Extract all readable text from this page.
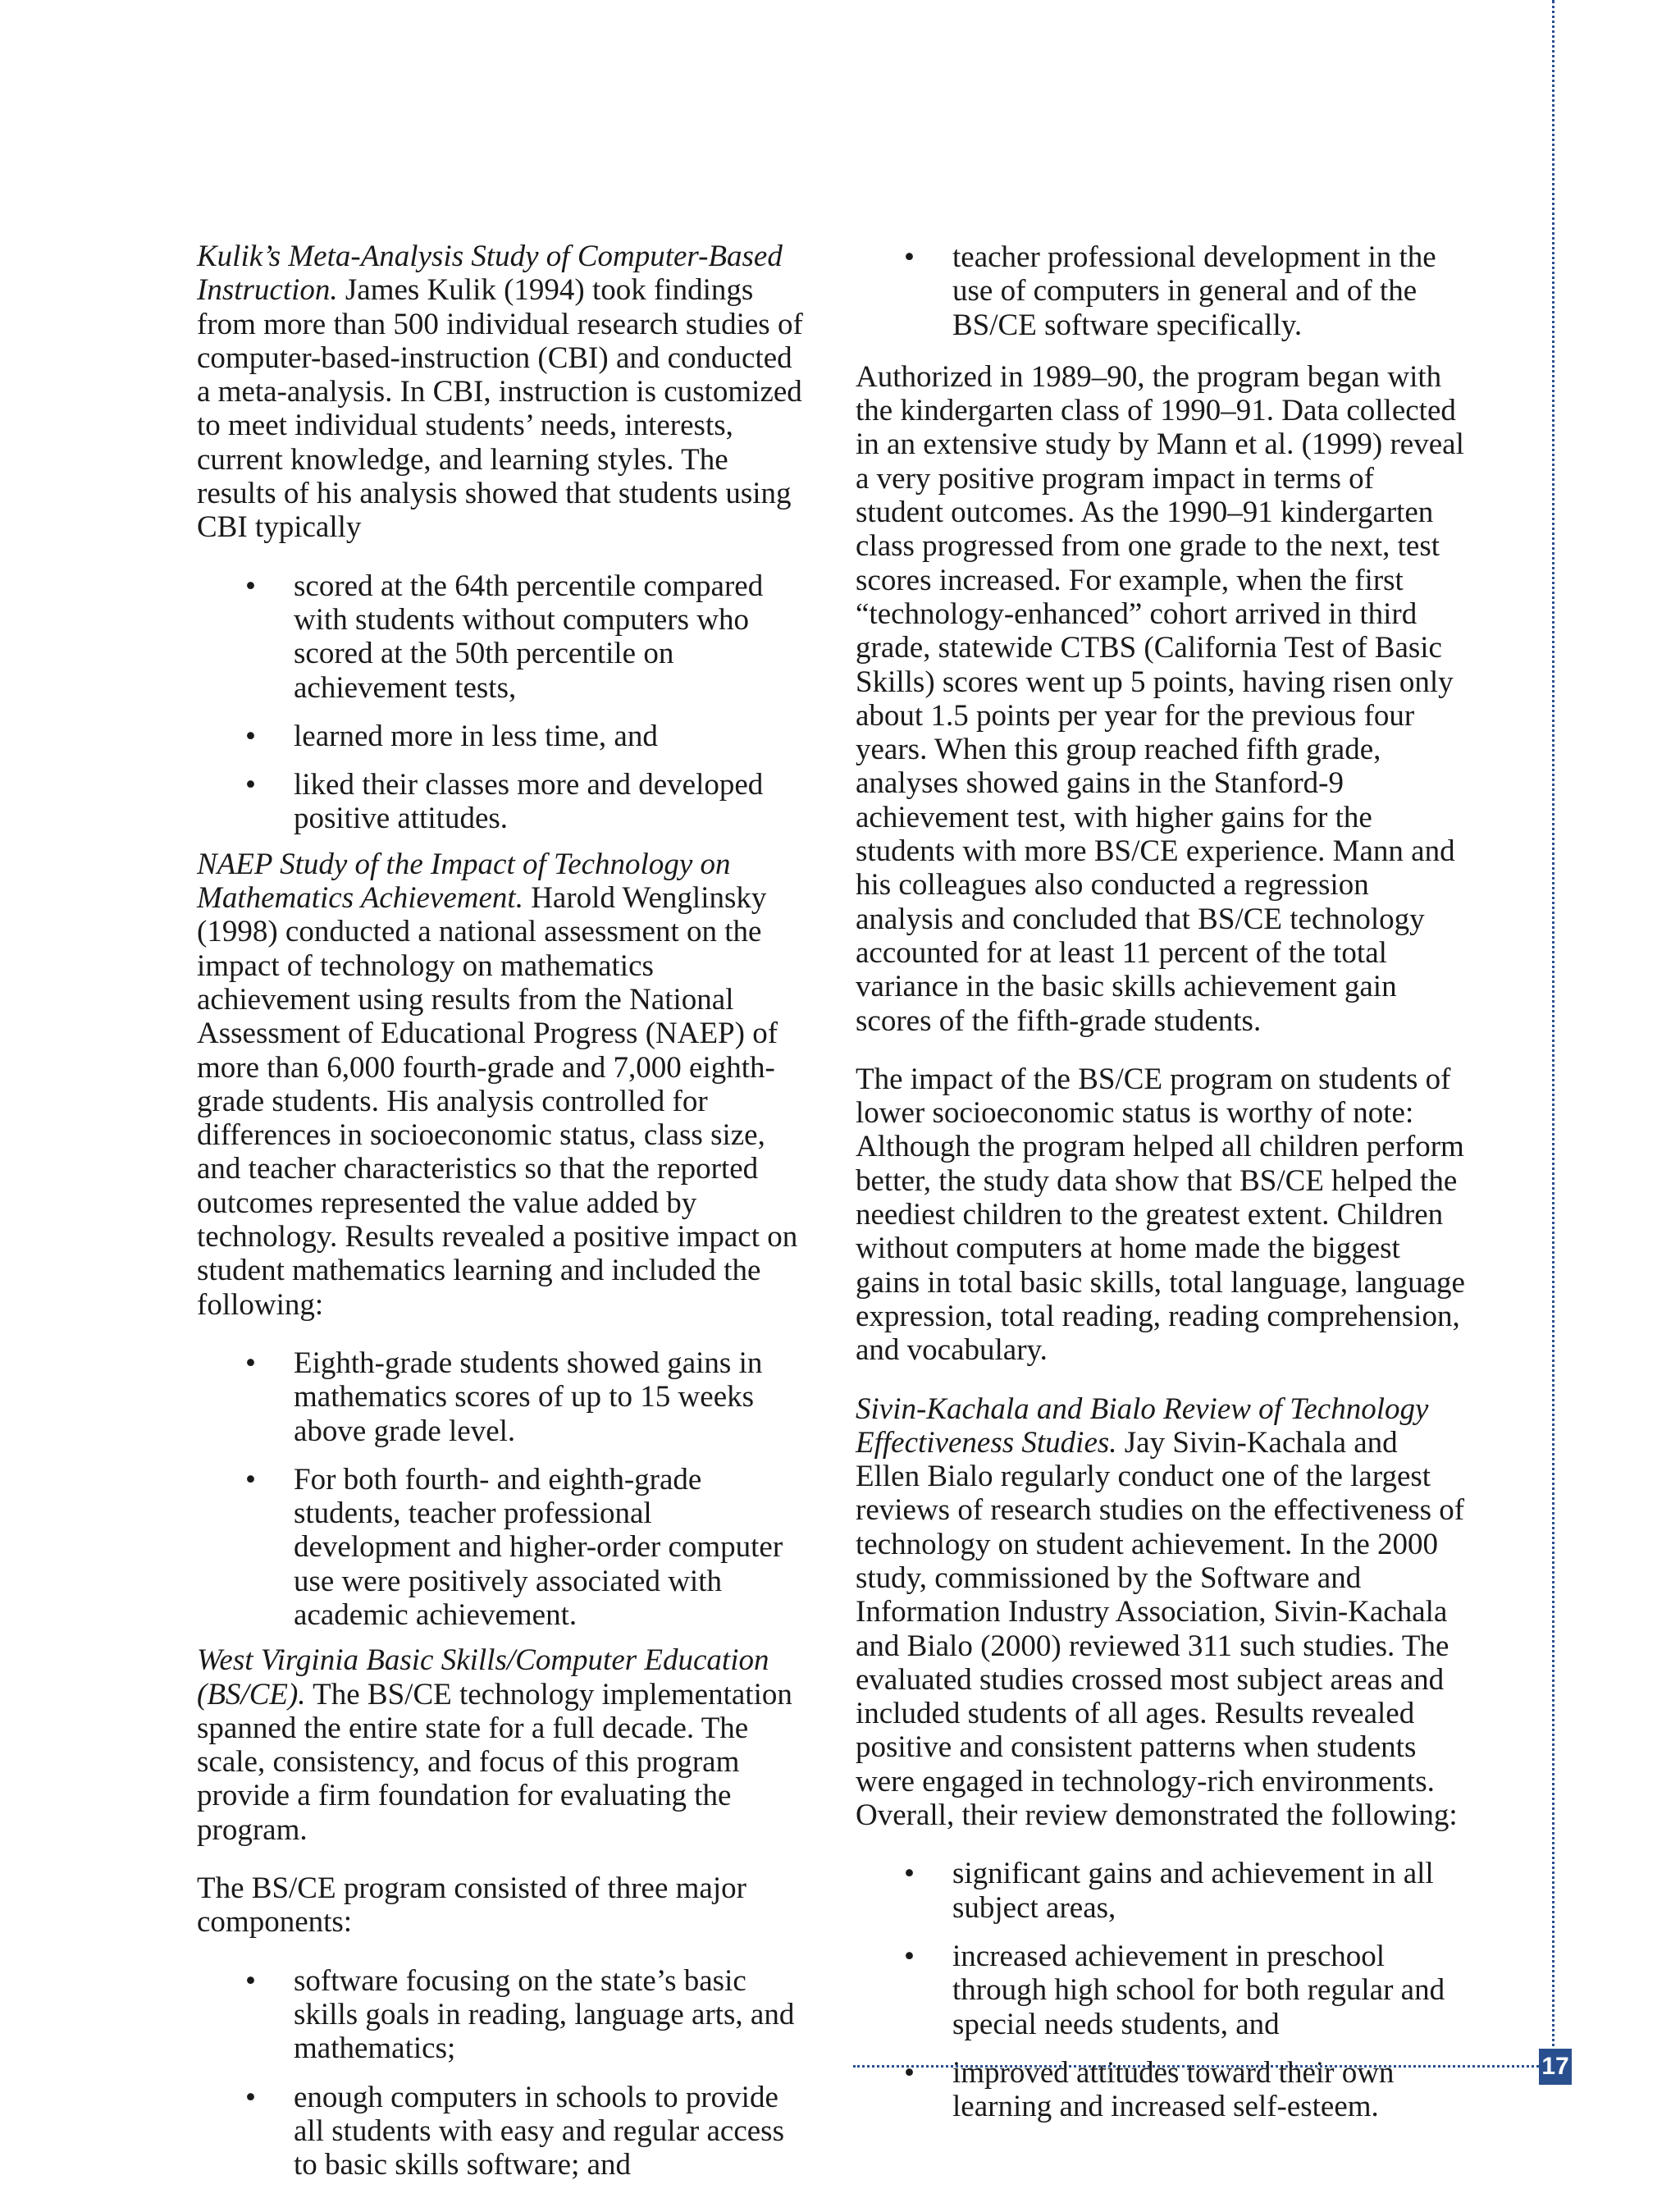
17

Kulik’s Meta-Analysis Study of Computer-Based Instruction. James Kulik (1994) took findings from more than 500 individual research studies of computer-based-instruction (CBI) and conducted a meta-analysis. In CBI, instruction is customized to meet individual students’ needs, interests, current knowledge, and learning styles. The results of his analysis showed that students using CBI typically

• scored at the 64th percentile compared with students without computers who scored at the 50th percentile on achievement tests,
• learned more in less time, and
• liked their classes more and developed positive attitudes.

NAEP Study of the Impact of Technology on Mathematics Achievement. Harold Wenglinsky (1998) conducted a national assessment on the impact of technology on mathematics achievement using results from the National Assessment of Educational Progress (NAEP) of more than 6,000 fourth-grade and 7,000 eighth-grade students. His analysis controlled for differences in socioeconomic status, class size, and teacher characteristics so that the reported outcomes represented the value added by technology. Results revealed a positive impact on student mathematics learning and included the following:

• Eighth-grade students showed gains in mathematics scores of up to 15 weeks above grade level.
• For both fourth- and eighth-grade students, teacher professional development and higher-order computer use were positively associated with academic achievement.

West Virginia Basic Skills/Computer Education (BS/CE). The BS/CE technology implementation spanned the entire state for a full decade. The scale, consistency, and focus of this program provide a firm foundation for evaluating the program.

The BS/CE program consisted of three major components:

• software focusing on the state’s basic skills goals in reading, language arts, and mathematics;
• enough computers in schools to provide all students with easy and regular access to basic skills software; and
• teacher professional development in the use of computers in general and of the BS/CE software specifically.

Authorized in 1989–90, the program began with the kindergarten class of 1990–91. Data collected in an extensive study by Mann et al. (1999) reveal a very positive program impact in terms of student outcomes. As the 1990–91 kindergarten class progressed from one grade to the next, test scores increased. For example, when the first “technology-enhanced” cohort arrived in third grade, statewide CTBS (California Test of Basic Skills) scores went up 5 points, having risen only about 1.5 points per year for the previous four years. When this group reached fifth grade, analyses showed gains in the Stanford-9 achievement test, with higher gains for the students with more BS/CE experience. Mann and his colleagues also conducted a regression analysis and concluded that BS/CE technology accounted for at least 11 percent of the total variance in the basic skills achievement gain scores of the fifth-grade students.

The impact of the BS/CE program on students of lower socioeconomic status is worthy of note: Although the program helped all children perform better, the study data show that BS/CE helped the neediest children to the greatest extent. Children without computers at home made the biggest gains in total basic skills, total language, language expression, total reading, reading comprehension, and vocabulary.

Sivin-Kachala and Bialo Review of Technology Effectiveness Studies. Jay Sivin-Kachala and Ellen Bialo regularly conduct one of the largest reviews of research studies on the effectiveness of technology on student achievement. In the 2000 study, commissioned by the Software and Information Industry Association, Sivin-Kachala and Bialo (2000) reviewed 311 such studies. The evaluated studies crossed most subject areas and included students of all ages. Results revealed positive and consistent patterns when students were engaged in technology-rich environments. Overall, their review demonstrated the following:

• significant gains and achievement in all subject areas,
• increased achievement in preschool through high school for both regular and special needs students, and
• improved attitudes toward their own learning and increased self-esteem.
